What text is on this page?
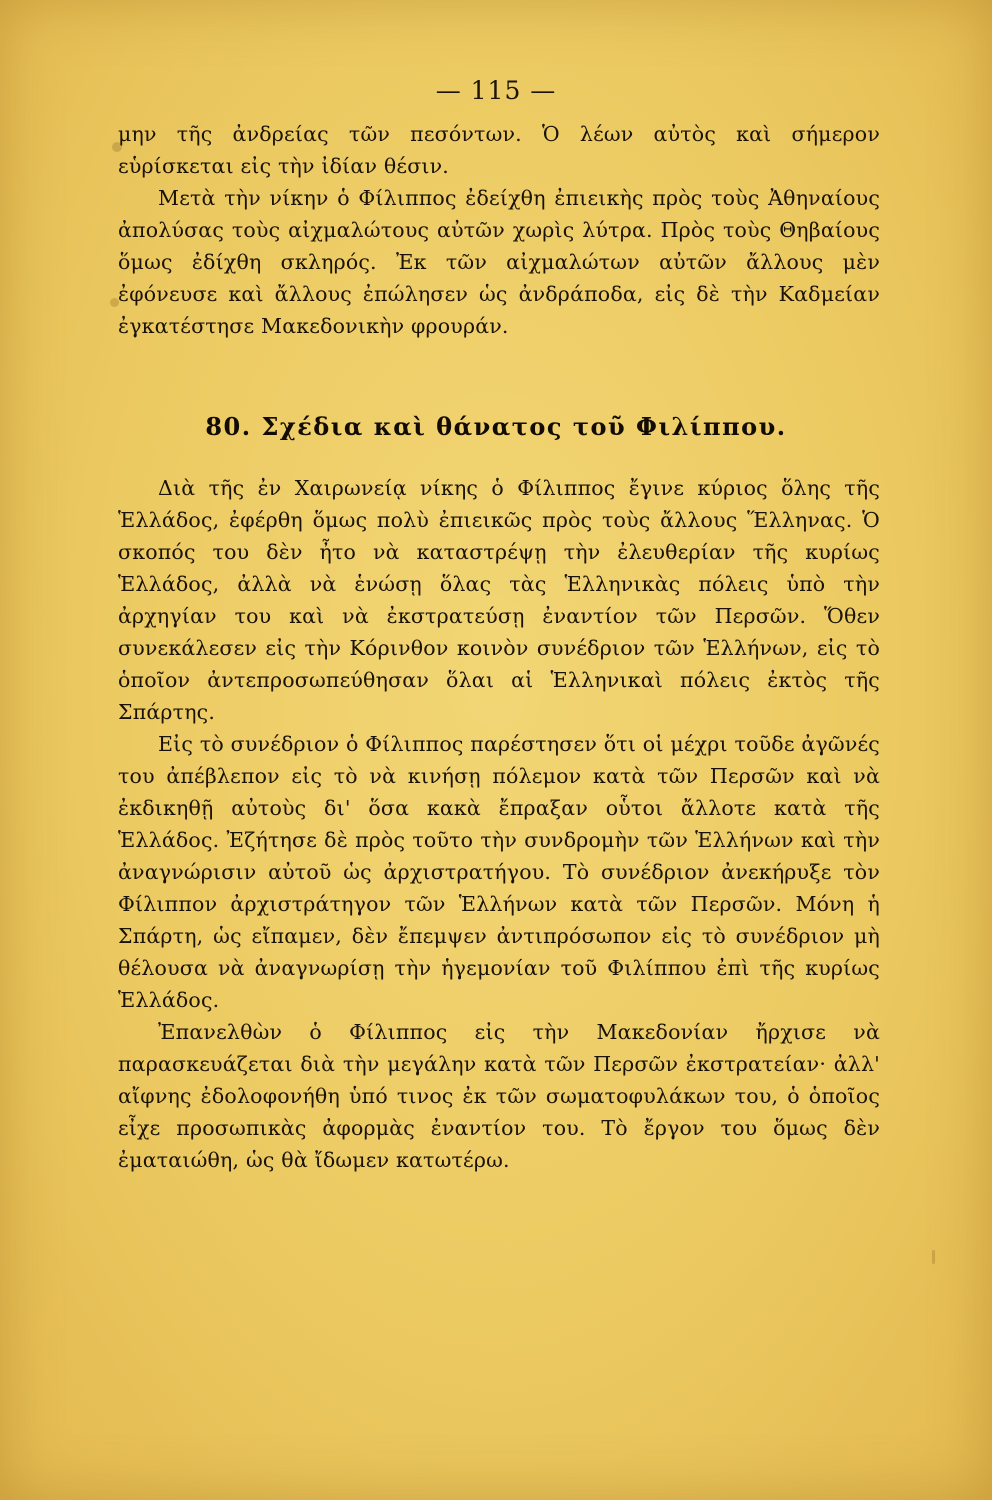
— 115 —

μην τῆς ἀνδρείας τῶν πεσόντων. Ὁ λέων αὐτὸς καὶ σήμερον εὑρίσκεται εἰς τὴν ἰδίαν θέσιν.

Μετὰ τὴν νίκην ὁ Φίλιππος ἐδείχθη ἐπιεικὴς πρὸς τοὺς Ἀθηναίους ἀπολύσας τοὺς αἰχμαλώτους αὐτῶν χωρὶς λύτρα. Πρὸς τοὺς Θηβαίους ὅμως ἐδίχθη σκληρός. Ἐκ τῶν αἰχμαλώτων αὐτῶν ἄλλους μὲν ἐφόνευσε καὶ ἄλλους ἐπώλησεν ὡς ἀνδράποδα, εἰς δὲ τὴν Καδμείαν ἐγκατέστησε Μακεδονικὴν φρουράν.

80. Σχέδια καὶ θάνατος τοῦ Φιλίππου.

Διὰ τῆς ἐν Χαιρωνείᾳ νίκης ὁ Φίλιππος ἔγινε κύριος ὅλης τῆς Ἑλλάδος, ἐφέρθη ὅμως πολὺ ἐπιεικῶς πρὸς τοὺς ἄλλους Ἕλληνας. Ὁ σκοπός του δὲν ἦτο νὰ καταστρέψῃ τὴν ἐλευθερίαν τῆς κυρίως Ἑλλάδος, ἀλλὰ νὰ ἑνώσῃ ὅλας τὰς Ἑλληνικὰς πόλεις ὑπὸ τὴν ἀρχηγίαν του καὶ νὰ ἐκστρατεύσῃ ἐναντίον τῶν Περσῶν. Ὅθεν συνεκάλεσεν εἰς τὴν Κόρινθον κοινὸν συνέδριον τῶν Ἑλλήνων, εἰς τὸ ὁποῖον ἀντεπροσωπεύθησαν ὅλαι αἱ Ἑλληνικαὶ πόλεις ἐκτὸς τῆς Σπάρτης.

Εἰς τὸ συνέδριον ὁ Φίλιππος παρέστησεν ὅτι οἱ μέχρι τοῦδε ἀγῶνές του ἀπέβλεπον εἰς τὸ νὰ κινήσῃ πόλεμον κατὰ τῶν Περσῶν καὶ νὰ ἐκδικηθῇ αὐτοὺς δι' ὅσα κακὰ ἔπραξαν οὗτοι ἄλλοτε κατὰ τῆς Ἑλλάδος. Ἐζήτησε δὲ πρὸς τοῦτο τὴν συνδρομὴν τῶν Ἑλλήνων καὶ τὴν ἀναγνώρισιν αὐτοῦ ὡς ἀρχιστρατήγου. Τὸ συνέδριον ἀνεκήρυξε τὸν Φίλιππον ἀρχιστράτηγον τῶν Ἑλλήνων κατὰ τῶν Περσῶν. Μόνη ἡ Σπάρτη, ὡς εἴπαμεν, δὲν ἔπεμψεν ἀντιπρόσωπον εἰς τὸ συνέδριον μὴ θέλουσα νὰ ἀναγνωρίσῃ τὴν ἡγεμονίαν τοῦ Φιλίππου ἐπὶ τῆς κυρίως Ἑλλάδος.

Ἐπανελθὼν ὁ Φίλιππος εἰς τὴν Μακεδονίαν ἤρχισε νὰ παρασκευάζεται διὰ τὴν μεγάλην κατὰ τῶν Περσῶν ἐκστρατείαν· ἀλλ' αἴφνης ἐδολοφονήθη ὑπό τινος ἐκ τῶν σωματοφυλάκων του, ὁ ὁποῖος εἶχε προσωπικὰς ἀφορμὰς ἐναντίον του. Τὸ ἔργον του ὅμως δὲν ἐματαιώθη, ὡς θὰ ἴδωμεν κατωτέρω.
